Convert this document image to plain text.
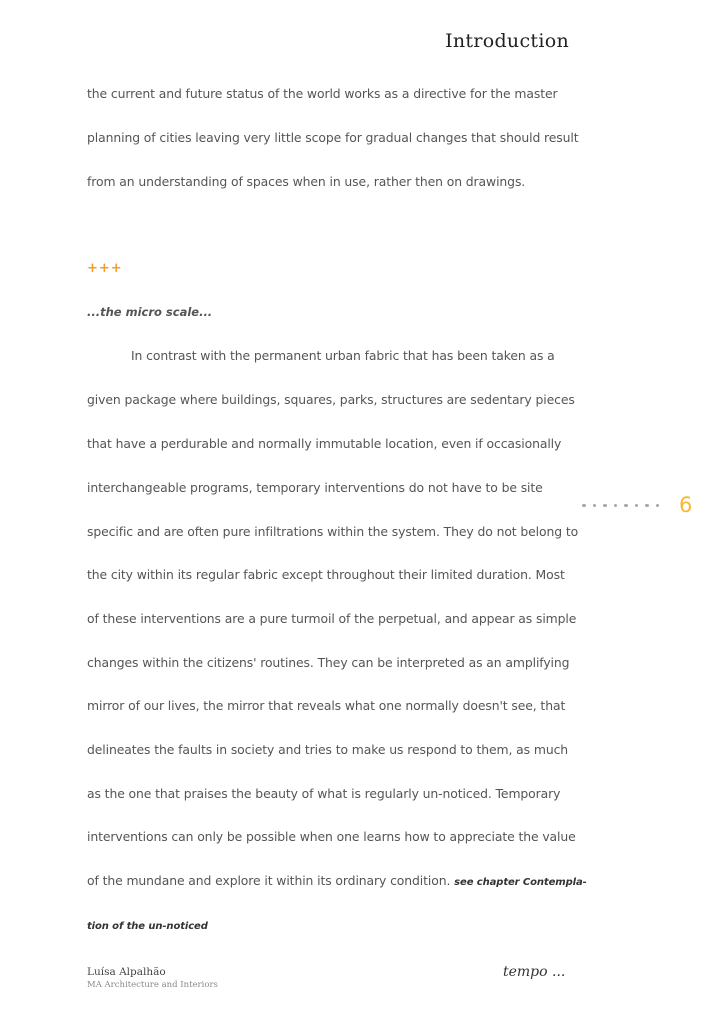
Introduction
the current and future status of the world works as a directive for the master
planning of cities leaving very little scope for gradual changes that should result
from an understanding of spaces when in use, rather then on drawings.
+++
...the micro scale...
In contrast with the permanent urban fabric that has been taken as a
given package where buildings, squares, parks, structures are sedentary pieces
that have a perdurable and normally immutable location, even if occasionally
interchangeable programs, temporary interventions do not have to be site
specific and are often pure infiltrations within the system. They do not belong to
the city within its regular fabric except throughout their limited duration. Most
of these interventions are a pure turmoil of the perpetual, and appear as simple
changes within the citizens' routines. They can be interpreted as an amplifying
mirror of our lives, the mirror that reveals what one normally doesn't see, that
delineates the faults in society and tries to make us respond to them, as much
as the one that praises the beauty of what is regularly un-noticed. Temporary
interventions can only be possible when one learns how to appreciate the value
of the mundane and explore it within its ordinary condition. see chapter Contempla-
tion of the un-noticed
6
Luísa Alpalhão
MA Architecture and Interiors
tempo ...
